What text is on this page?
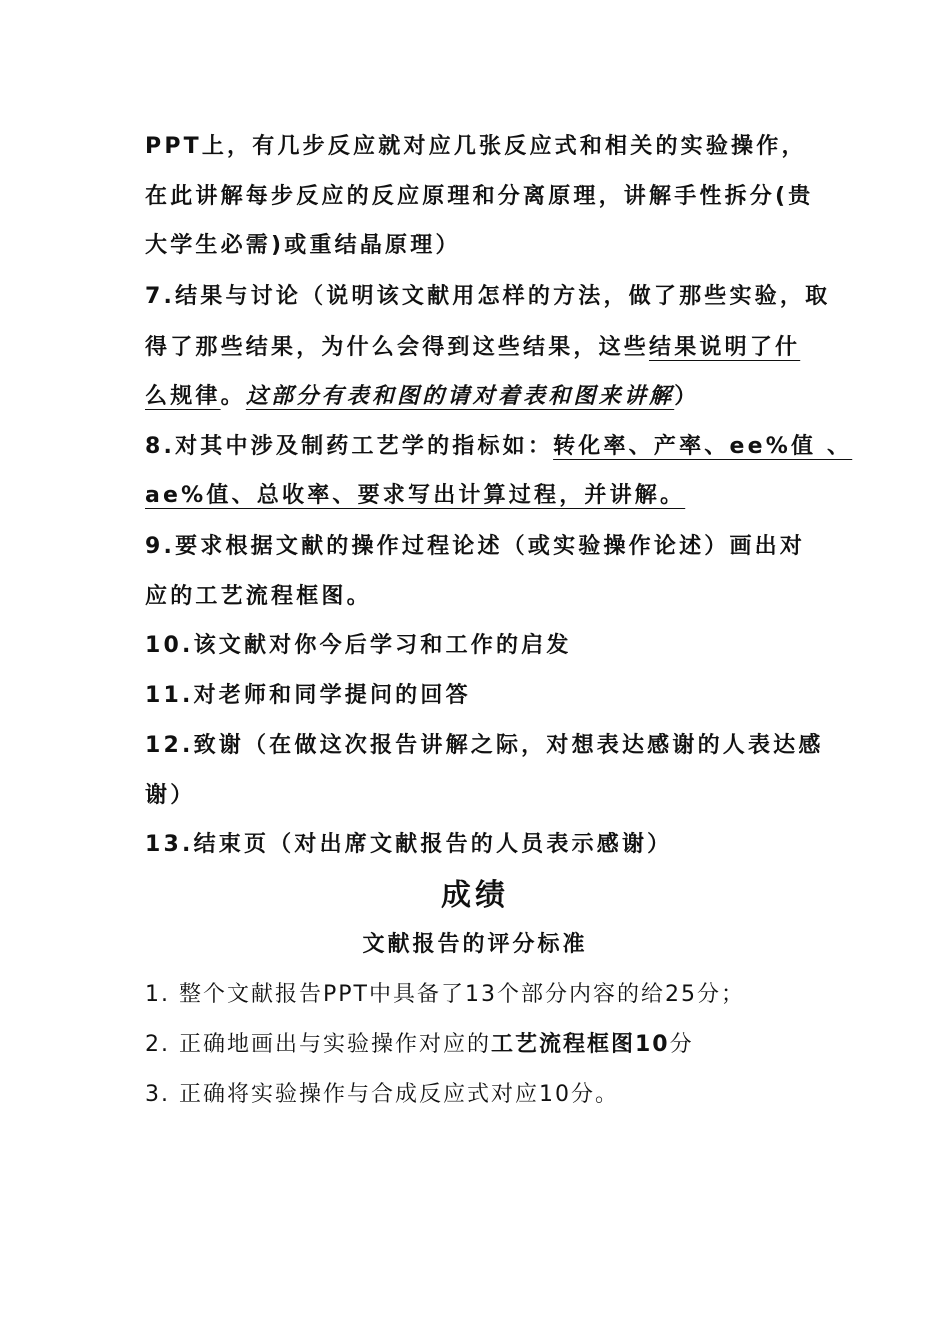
PPT上，有几步反应就对应几张反应式和相关的实验操作，
在此讲解每步反应的反应原理和分离原理，讲解手性拆分(贵
大学生必需)或重结晶原理）
7.结果与讨论（说明该文献用怎样的方法，做了那些实验，取
得了那些结果，为什么会得到这些结果，这些结果说明了什
么规律。这部分有表和图的请对着表和图来讲解）
8.对其中涉及制药工艺学的指标如：转化率、产率、ee%值 、
ae%值、总收率、要求写出计算过程，并讲解。
9.要求根据文献的操作过程论述（或实验操作论述）画出对
应的工艺流程框图。
10.该文献对你今后学习和工作的启发
11.对老师和同学提问的回答
12.致谢（在做这次报告讲解之际，对想表达感谢的人表达感
谢）
13.结束页（对出席文献报告的人员表示感谢）
成绩
文献报告的评分标准
1. 整个文献报告PPT中具备了13个部分内容的给25分；
2. 正确地画出与实验操作对应的工艺流程框图10分
3. 正确将实验操作与合成反应式对应10分。
